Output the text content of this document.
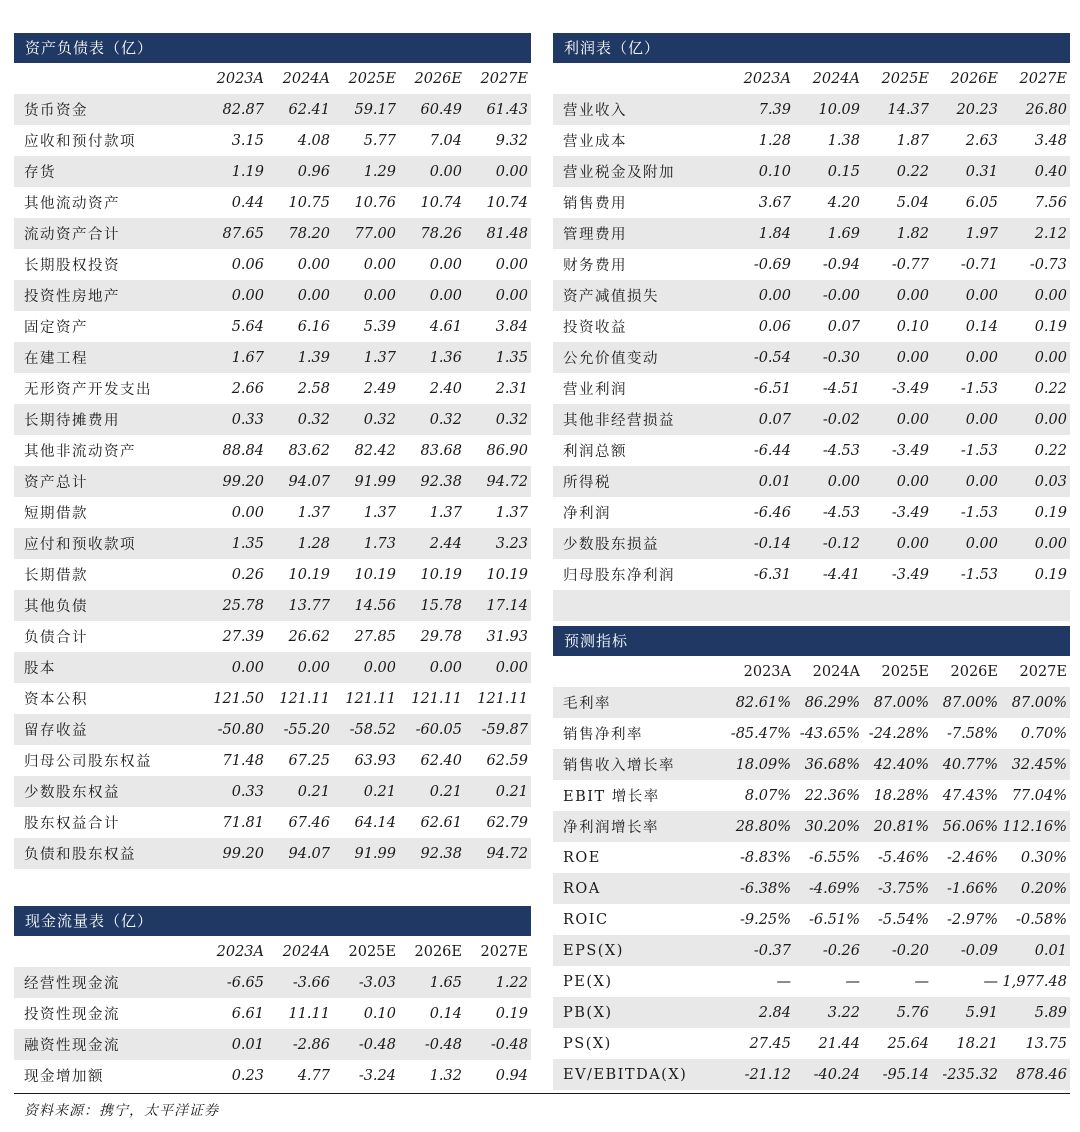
资产负债表（亿）
	2023A	2024A	2025E	2026E	2027E
货币资金	82.87	62.41	59.17	60.49	61.43
应收和预付款项	3.15	4.08	5.77	7.04	9.32
存货	1.19	0.96	1.29	0.00	0.00
其他流动资产	0.44	10.75	10.76	10.74	10.74
流动资产合计	87.65	78.20	77.00	78.26	81.48
长期股权投资	0.06	0.00	0.00	0.00	0.00
投资性房地产	0.00	0.00	0.00	0.00	0.00
固定资产	5.64	6.16	5.39	4.61	3.84
在建工程	1.67	1.39	1.37	1.36	1.35
无形资产开发支出	2.66	2.58	2.49	2.40	2.31
长期待摊费用	0.33	0.32	0.32	0.32	0.32
其他非流动资产	88.84	83.62	82.42	83.68	86.90
资产总计	99.20	94.07	91.99	92.38	94.72
短期借款	0.00	1.37	1.37	1.37	1.37
应付和预收款项	1.35	1.28	1.73	2.44	3.23
长期借款	0.26	10.19	10.19	10.19	10.19
其他负债	25.78	13.77	14.56	15.78	17.14
负债合计	27.39	26.62	27.85	29.78	31.93
股本	0.00	0.00	0.00	0.00	0.00
资本公积	121.50	121.11	121.11	121.11	121.11
留存收益	-50.80	-55.20	-58.52	-60.05	-59.87
归母公司股东权益	71.48	67.25	63.93	62.40	62.59
少数股东权益	0.33	0.21	0.21	0.21	0.21
股东权益合计	71.81	67.46	64.14	62.61	62.79
负债和股东权益	99.20	94.07	91.99	92.38	94.72
现金流量表（亿）
	2023A	2024A	2025E	2026E	2027E
经营性现金流	-6.65	-3.66	-3.03	1.65	1.22
投资性现金流	6.61	11.11	0.10	0.14	0.19
融资性现金流	0.01	-2.86	-0.48	-0.48	-0.48
现金增加额	0.23	4.77	-3.24	1.32	0.94
利润表（亿）
	2023A	2024A	2025E	2026E	2027E
营业收入	7.39	10.09	14.37	20.23	26.80
营业成本	1.28	1.38	1.87	2.63	3.48
营业税金及附加	0.10	0.15	0.22	0.31	0.40
销售费用	3.67	4.20	5.04	6.05	7.56
管理费用	1.84	1.69	1.82	1.97	2.12
财务费用	-0.69	-0.94	-0.77	-0.71	-0.73
资产减值损失	0.00	-0.00	0.00	0.00	0.00
投资收益	0.06	0.07	0.10	0.14	0.19
公允价值变动	-0.54	-0.30	0.00	0.00	0.00
营业利润	-6.51	-4.51	-3.49	-1.53	0.22
其他非经营损益	0.07	-0.02	0.00	0.00	0.00
利润总额	-6.44	-4.53	-3.49	-1.53	0.22
所得税	0.01	0.00	0.00	0.00	0.03
净利润	-6.46	-4.53	-3.49	-1.53	0.19
少数股东损益	-0.14	-0.12	0.00	0.00	0.00
归母股东净利润	-6.31	-4.41	-3.49	-1.53	0.19
预测指标
	2023A	2024A	2025E	2026E	2027E
毛利率	82.61%	86.29%	87.00%	87.00%	87.00%
销售净利率	-85.47%	-43.65%	-24.28%	-7.58%	0.70%
销售收入增长率	18.09%	36.68%	42.40%	40.77%	32.45%
EBIT 增长率	8.07%	22.36%	18.28%	47.43%	77.04%
净利润增长率	28.80%	30.20%	20.81%	56.06%	112.16%
ROE	-8.83%	-6.55%	-5.46%	-2.46%	0.30%
ROA	-6.38%	-4.69%	-3.75%	-1.66%	0.20%
ROIC	-9.25%	-6.51%	-5.54%	-2.97%	-0.58%
EPS(X)	-0.37	-0.26	-0.20	-0.09	0.01
PE(X)	—	—	—	—	1,977.48
PB(X)	2.84	3.22	5.76	5.91	5.89
PS(X)	27.45	21.44	25.64	18.21	13.75
EV/EBITDA(X)	-21.12	-40.24	-95.14	-235.32	878.46
资料来源：携宁，太平洋证券
